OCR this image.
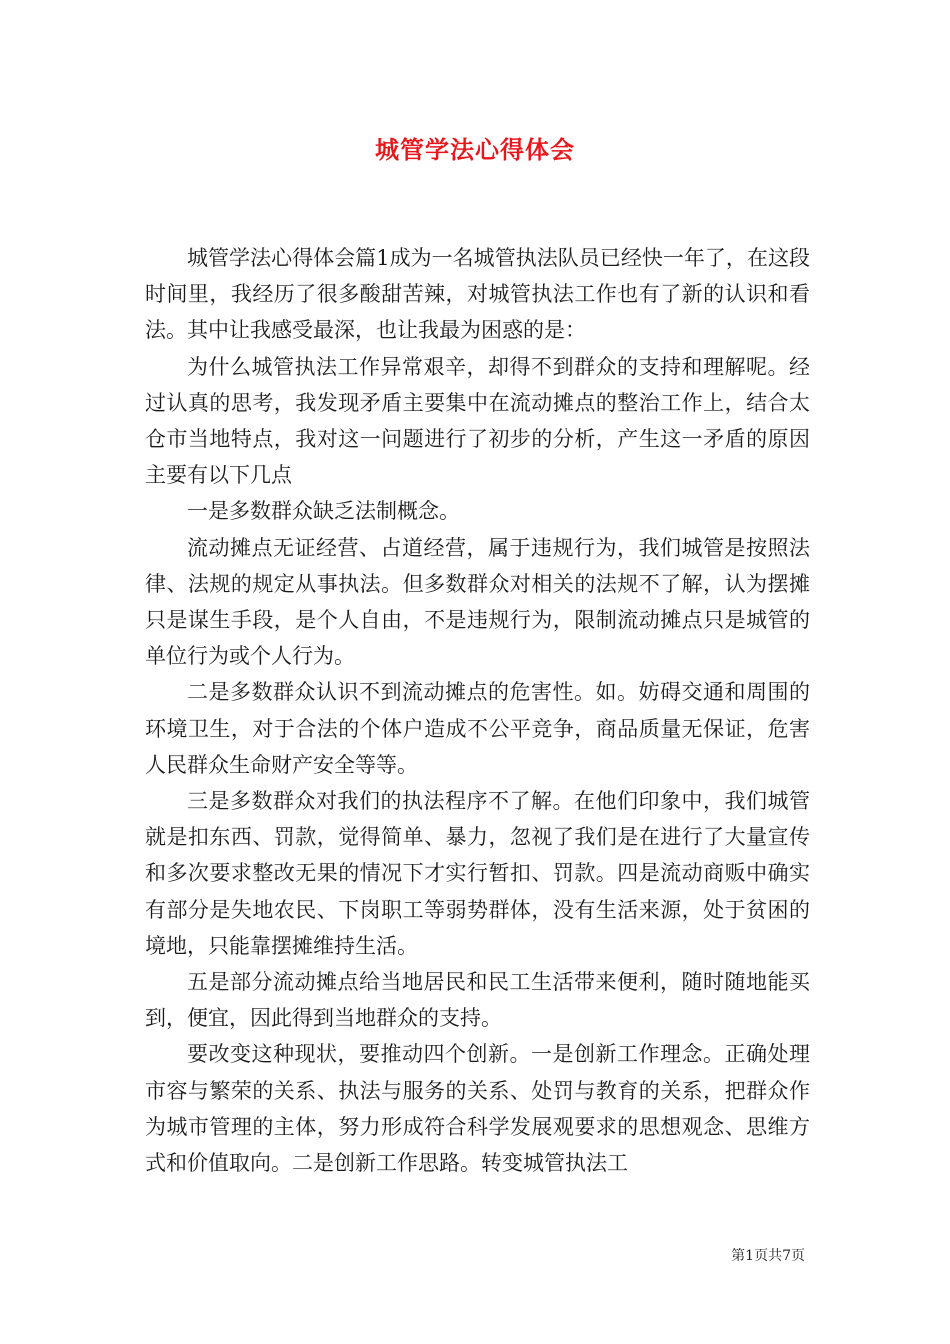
城管学法心得体会

城管学法心得体会篇1成为一名城管执法队员已经快一年了，在这段时间里，我经历了很多酸甜苦辣，对城管执法工作也有了新的认识和看法。其中让我感受最深，也让我最为困惑的是：

为什么城管执法工作异常艰辛，却得不到群众的支持和理解呢。经过认真的思考，我发现矛盾主要集中在流动摊点的整治工作上，结合太仓市当地特点，我对这一问题进行了初步的分析，产生这一矛盾的原因主要有以下几点

一是多数群众缺乏法制概念。

流动摊点无证经营、占道经营，属于违规行为，我们城管是按照法律、法规的规定从事执法。但多数群众对相关的法规不了解，认为摆摊只是谋生手段，是个人自由，不是违规行为，限制流动摊点只是城管的单位行为或个人行为。

二是多数群众认识不到流动摊点的危害性。如。妨碍交通和周围的环境卫生，对于合法的个体户造成不公平竞争，商品质量无保证，危害人民群众生命财产安全等等。

三是多数群众对我们的执法程序不了解。在他们印象中，我们城管就是扣东西、罚款，觉得简单、暴力，忽视了我们是在进行了大量宣传和多次要求整改无果的情况下才实行暂扣、罚款。四是流动商贩中确实有部分是失地农民、下岗职工等弱势群体，没有生活来源，处于贫困的境地，只能靠摆摊维持生活。

五是部分流动摊点给当地居民和民工生活带来便利，随时随地能买到，便宜，因此得到当地群众的支持。

要改变这种现状，要推动四个创新。一是创新工作理念。正确处理市容与繁荣的关系、执法与服务的关系、处罚与教育的关系，把群众作为城市管理的主体，努力形成符合科学发展观要求的思想观念、思维方式和价值取向。二是创新工作思路。转变城管执法工

第1页共7页
